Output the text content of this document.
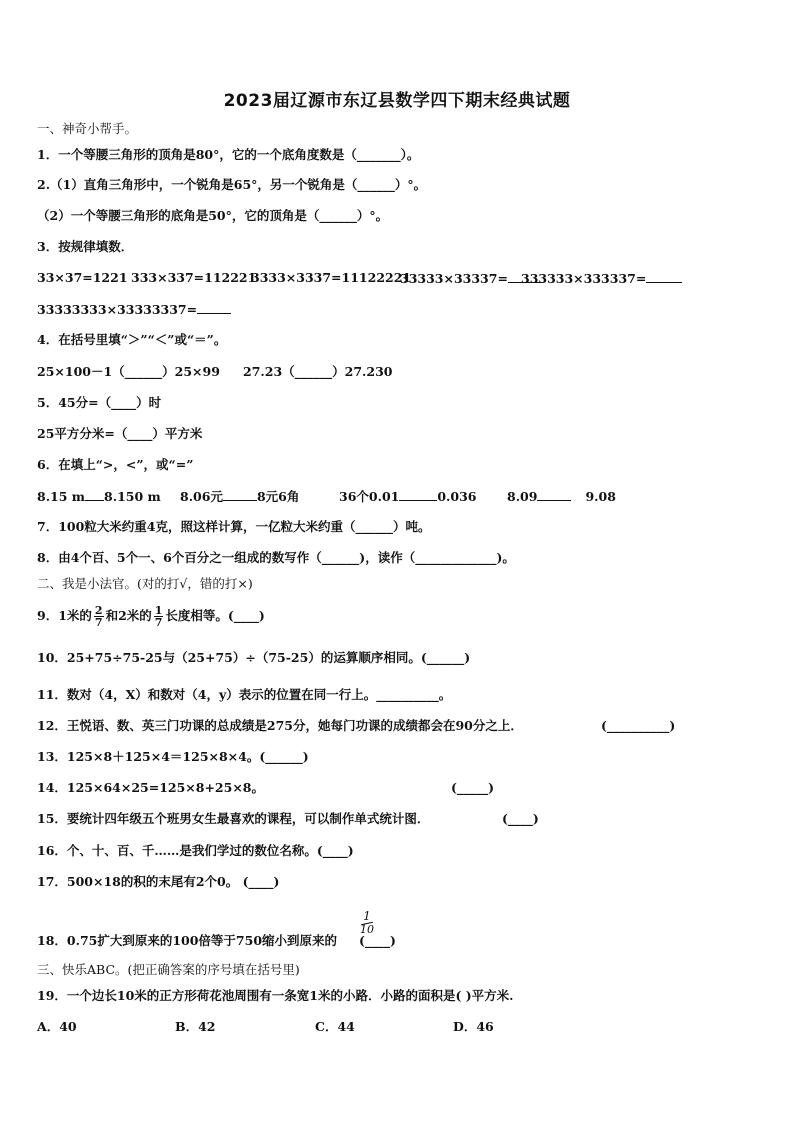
2023届辽源市东辽县数学四下期末经典试题
一、神奇小帮手。
1．一个等腰三角形的顶角是80°，它的一个底角度数是（_______）。
2.（1）直角三角形中，一个锐角是65°，另一个锐角是（______）°。
（2）一个等腰三角形的底角是50°，它的顶角是（______）°。
3．按规律填数．
33×37=1221 333×337=112221
3333×3337=11122221
33333×33337=	333333×333337=
33333333×33333337=
4．在括号里填“＞”“＜”或“＝”。
25×100－1（______）25×99 27.23（______）27.230
5．45分=（____）时
25平方分米=（____）平方米
6．在填上“>，<”，或“=”
8.15 m 8.150 m 8.06元	8元6角	36个0.01	0.036 8.09	9.08
7．100粒大米约重4克，照这样计算，一亿粒大米约重（______）吨。
8．由4个百、5个一、6个百分之一组成的数写作（______)，读作（_____________)。
二、我是小法官。(对的打√，错的打×)
9．1米的 $\frac{2}{7}$ 和2米的 $\frac{1}{7}$ 长度相等。(____)
10．25+75÷75-25与（25+75）÷（75-25）的运算顺序相同。(______)
11．数对（4，X）和数对（4，y）表示的位置在同一行上。__________。
12．王悦语、数、英三门功课的总成绩是275分，她每门功课的成绩都会在90分之上．	(__________)
13．125×8＋125×4＝125×8×4。(______)
14．125×64×25=125×8+25×8。	(_____)
15．要统计四年级五个班男女生最喜欢的课程，可以制作单式统计图．	(____)
16．个、十、百、千……是我们学过的数位名称。(____)
17．500×18的积的末尾有2个0。 (____)
1
10
18．0.75扩大到原来的100倍等于750缩小到原来的 (____)
三、快乐ABC。(把正确答案的序号填在括号里)
19．一个边长10米的正方形荷花池周围有一条宽1米的小路．小路的面积是( )平方米.
A．40	B．42	C．44	D．46
